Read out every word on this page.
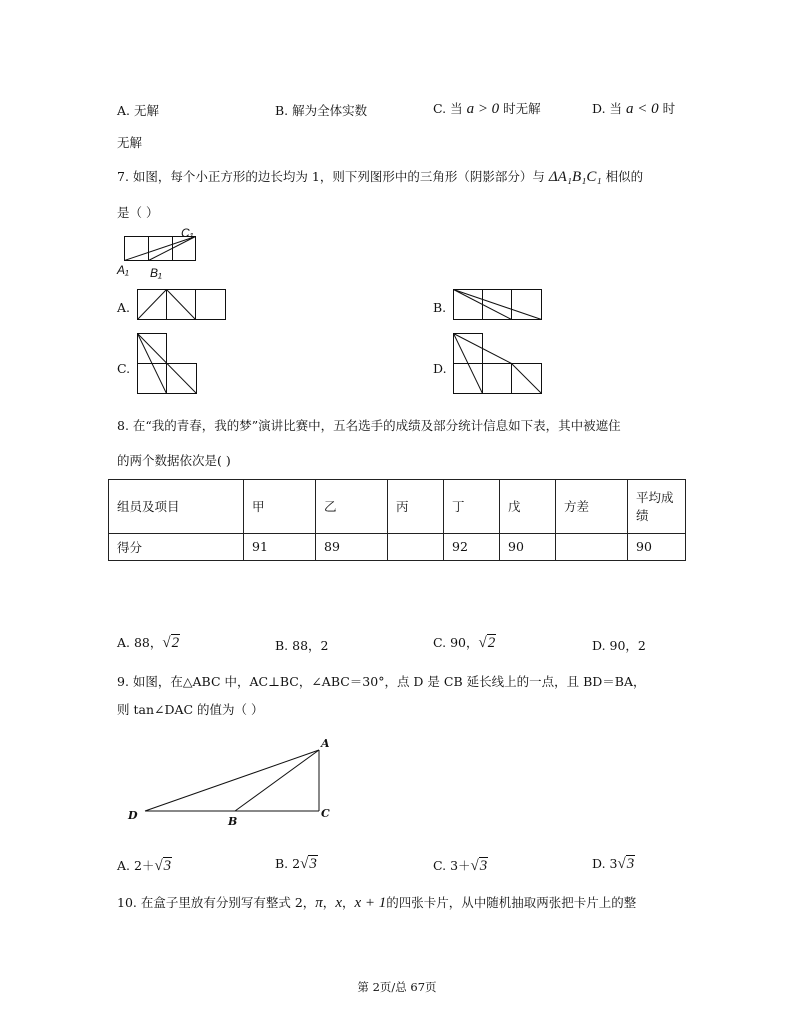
A. 无解	B. 解为全体实数	C. 当 a > 0 时无解	D. 当 a < 0 时
无解
7. 如图，每个小正方形的边长均为 1，则下列图形中的三角形（阴影部分）与 ΔA₁B₁C₁ 相似的
是（ ）
C₁
A₁ B₁
A.	B.
C.	D.
8. 在“我的青春，我的梦”演讲比赛中，五名选手的成绩及部分统计信息如下表，其中被遮住
的两个数据依次是( )
组员及项目	甲	乙	丙	丁	戊	方差	平均成绩
得分	91	89		92	90		90
A. 88，√2	B. 88，2	C. 90，√2	D. 90，2
9. 如图，在△ABC 中，AC⊥BC，∠ABC＝30°，点 D 是 CB 延长线上的一点，且 BD＝BA，
则 tan∠DAC 的值为（ ）
A
B
C
D
A. 2＋√3	B. 2√3	C. 3＋√3	D. 3√3
10. 在盒子里放有分别写有整式 2，π，x，x + 1的四张卡片，从中随机抽取两张把卡片上的整
第 2页/总 67页
